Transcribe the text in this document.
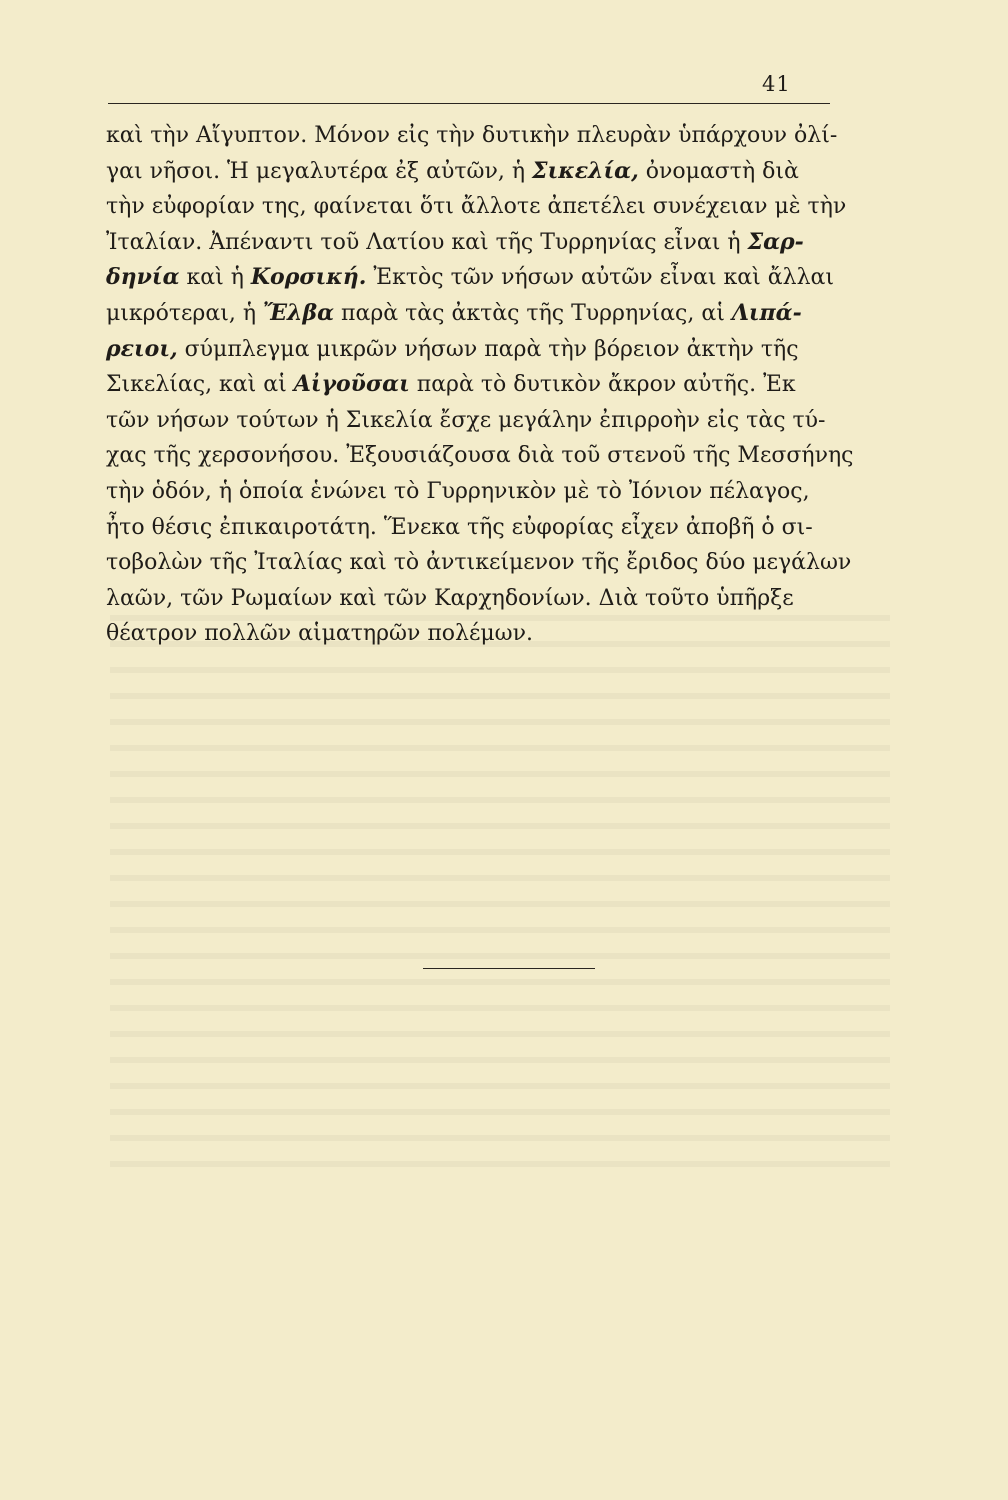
41
καὶ τὴν Αἴγυπτον. Μόνον εἰς τὴν δυτικὴν πλευρὰν ὑπάρχουν ὀλί-
γαι νῆσοι. Ἡ μεγαλυτέρα ἐξ αὐτῶν, ἡ Σικελία, ὀνομαστὴ διὰ
τὴν εὐφορίαν της, φαίνεται ὅτι ἄλλοτε ἀπετέλει συνέχειαν μὲ τὴν
Ἰταλίαν. Ἀπέναντι τοῦ Λατίου καὶ τῆς Τυρρηνίας εἶναι ἡ Σαρ-
δηνία καὶ ἡ Κορσική. Ἐκτὸς τῶν νήσων αὐτῶν εἶναι καὶ ἄλλαι
μικρότεραι, ἡ Ἔλβα παρὰ τὰς ἀκτὰς τῆς Τυρρηνίας, αἱ Λιπά-
ρειοι, σύμπλεγμα μικρῶν νήσων παρὰ τὴν βόρειον ἀκτὴν τῆς
Σικελίας, καὶ αἱ Αἰγοῦσαι παρὰ τὸ δυτικὸν ἄκρον αὐτῆς. Ἐκ
τῶν νήσων τούτων ἡ Σικελία ἔσχε μεγάλην ἐπιρροὴν εἰς τὰς τύ-
χας τῆς χερσονήσου. Ἐξουσιάζουσα διὰ τοῦ στενοῦ τῆς Μεσσήνης
τὴν ὁδόν, ἡ ὁποία ἑνώνει τὸ Γυρρηνικὸν μὲ τὸ Ἰόνιον πέλαγος,
ἦτο θέσις ἐπικαιροτάτη. Ἕνεκα τῆς εὐφορίας εἶχεν ἀποβῆ ὁ σι-
τοβολὼν τῆς Ἰταλίας καὶ τὸ ἀντικείμενον τῆς ἔριδος δύο μεγάλων
λαῶν, τῶν Ρωμαίων καὶ τῶν Καρχηδονίων. Διὰ τοῦτο ὑπῆρξε
θέατρον πολλῶν αἱματηρῶν πολέμων.
